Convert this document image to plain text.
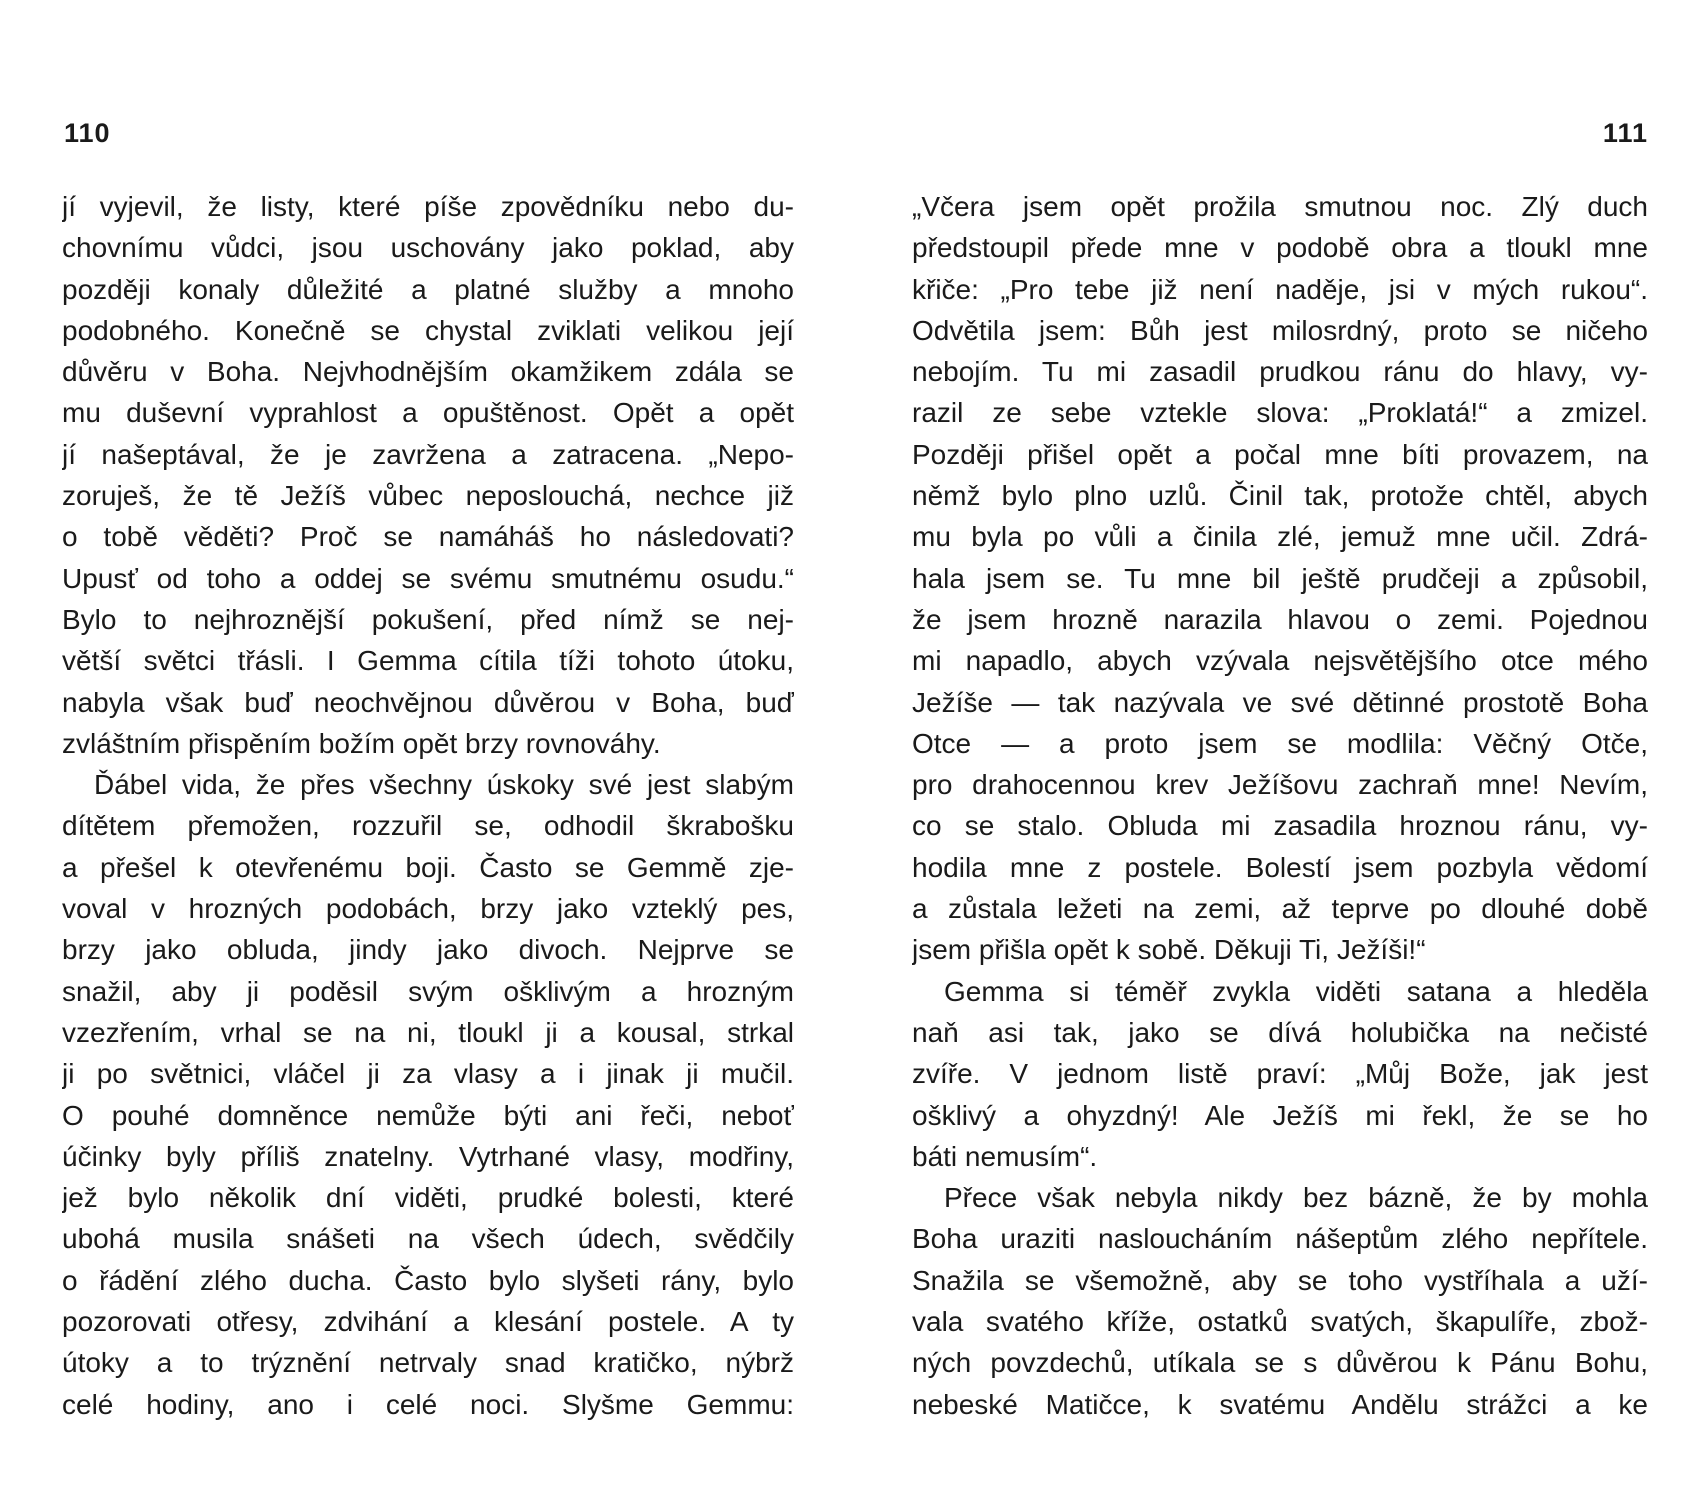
110
jí vyjevil, že listy, které píše zpovědníku nebo du-
chovnímu vůdci, jsou uschovány jako poklad, aby
později konaly důležité a platné služby a mnoho
podobného. Konečně se chystal zviklati velikou její
důvěru v Boha. Nejvhodnějším okamžikem zdála se
mu duševní vyprahlost a opuštěnost. Opět a opět
jí našeptával, že je zavržena a zatracena. „Nepo-
zoruješ, že tě Ježíš vůbec neposlouchá, nechce již
o tobě věděti? Proč se namáháš ho následovati?
Upusť od toho a oddej se svému smutnému osudu.“
Bylo to nejhroznější pokušení, před nímž se nej-
větší světci třásli. I Gemma cítila tíži tohoto útoku,
nabyla však buď neochvějnou důvěrou v Boha, buď
zvláštním přispěním božím opět brzy rovnováhy.
Ďábel vida, že přes všechny úskoky své jest slabým
dítětem přemožen, rozzuřil se, odhodil škrabošku
a přešel k otevřenému boji. Často se Gemmě zje-
voval v hrozných podobách, brzy jako vzteklý pes,
brzy jako obluda, jindy jako divoch. Nejprve se
snažil, aby ji poděsil svým ošklivým a hrozným
vzezřením, vrhal se na ni, tloukl ji a kousal, strkal
ji po světnici, vláčel ji za vlasy a i jinak ji mučil.
O pouhé domněnce nemůže býti ani řeči, neboť
účinky byly příliš znatelny. Vytrhané vlasy, modřiny,
jež bylo několik dní viděti, prudké bolesti, které
ubohá musila snášeti na všech údech, svědčily
o řádění zlého ducha. Často bylo slyšeti rány, bylo
pozorovati otřesy, zdvihání a klesání postele. A ty
útoky a to trýznění netrvaly snad kratičko, nýbrž
celé hodiny, ano i celé noci. Slyšme Gemmu:
111
„Včera jsem opět prožila smutnou noc. Zlý duch
předstoupil přede mne v podobě obra a tloukl mne
křiče: „Pro tebe již není naděje, jsi v mých rukou“.
Odvětila jsem: Bůh jest milosrdný, proto se ničeho
nebojím. Tu mi zasadil prudkou ránu do hlavy, vy-
razil ze sebe vztekle slova: „Proklatá!“ a zmizel.
Později přišel opět a počal mne bíti provazem, na
němž bylo plno uzlů. Činil tak, protože chtěl, abych
mu byla po vůli a činila zlé, jemuž mne učil. Zdrá-
hala jsem se. Tu mne bil ještě prudčeji a způsobil,
že jsem hrozně narazila hlavou o zemi. Pojednou
mi napadlo, abych vzývala nejsvětějšího otce mého
Ježíše — tak nazývala ve své dětinné prostotě Boha
Otce — a proto jsem se modlila: Věčný Otče,
pro drahocennou krev Ježíšovu zachraň mne! Nevím,
co se stalo. Obluda mi zasadila hroznou ránu, vy-
hodila mne z postele. Bolestí jsem pozbyla vědomí
a zůstala ležeti na zemi, až teprve po dlouhé době
jsem přišla opět k sobě. Děkuji Ti, Ježíši!“
Gemma si téměř zvykla viděti satana a hleděla
naň asi tak, jako se dívá holubička na nečisté
zvíře. V jednom listě praví: „Můj Bože, jak jest
ošklivý a ohyzdný! Ale Ježíš mi řekl, že se ho
báti nemusím“.
Přece však nebyla nikdy bez bázně, že by mohla
Boha uraziti nasloucháním nášeptům zlého nepřítele.
Snažila se všemožně, aby se toho vystříhala a uží-
vala svatého kříže, ostatků svatých, škapulíře, zbož-
ných povzdechů, utíkala se s důvěrou k Pánu Bohu,
nebeské Matičce, k svatému Andělu strážci a ke
